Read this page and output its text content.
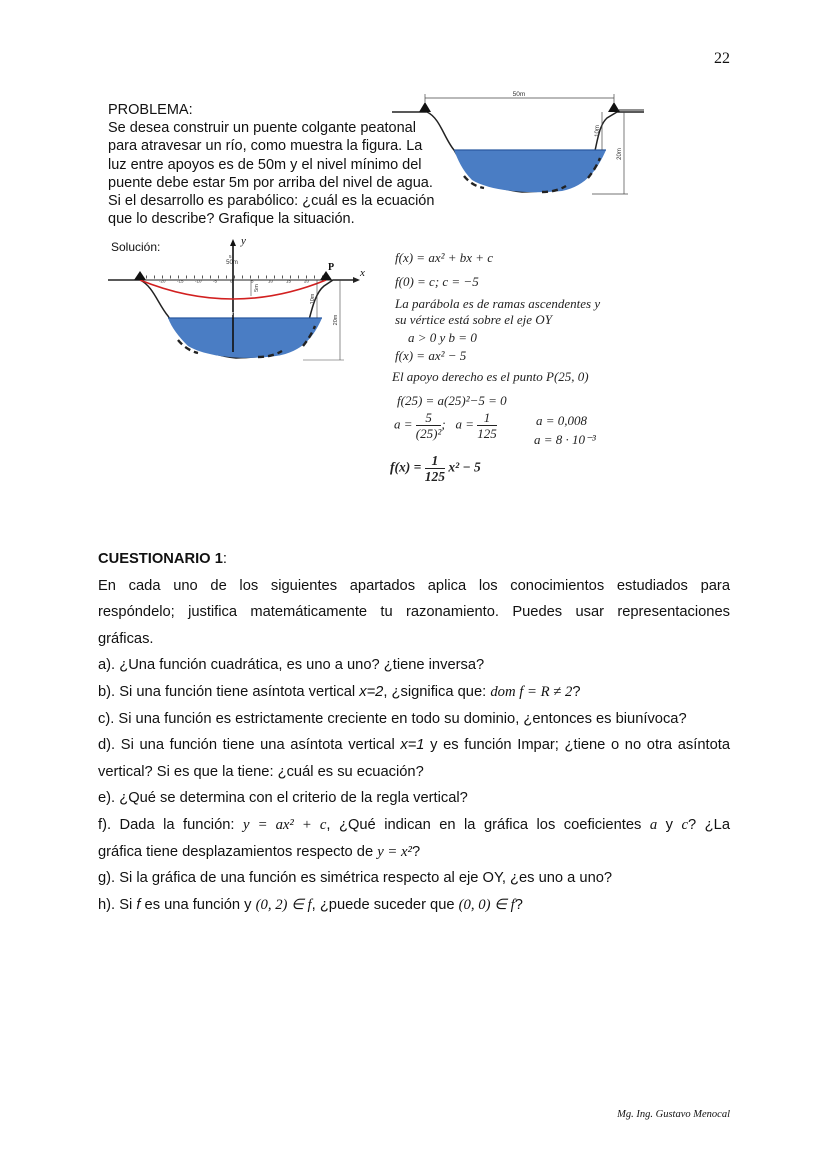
22
PROBLEMA:
Se desea construir un puente colgante peatonal
para atravesar un río, como muestra la figura. La
luz entre apoyos es de 50m y el nivel mínimo del
puente debe estar 5m por arriba del nivel de agua.
Si el desarrollo es parabólico: ¿cuál es la ecuación
que lo describe? Grafique la situación.
50m
Nivel de máxima crecida.
10m
20m
Solución:	y
x
P
5
50m
-20	-15	-10	-5	0	5	10	15	20
5m
Nivel de máxima crecida.
10m
20m
f(x) = ax² + bx + c
f(0) = c; c = −5
La parábola es de ramas ascendentes y
su vértice está sobre el eje OY
a > 0 y b = 0
f(x) = ax² − 5
El apoyo derecho es el punto P(25, 0)
f(25) = a(25)²−5 = 0
$a = \frac{5}{\text{(25)²}}$ ; $a = \frac{1}{125}$	a = 0,008
a = 8 · 10⁻³
$f(x) = \frac{1}{125} x^2 - 5$
CUESTIONARIO 1:
En cada uno de los siguientes apartados aplica los conocimientos estudiados para
respóndelo; justifica matemáticamente tu razonamiento. Puedes usar representaciones
gráficas.
a). ¿Una función cuadrática, es uno a uno? ¿tiene inversa?
b). Si una función tiene asíntota vertical x=2, ¿significa que: dom f = R ≠ 2?
c). Si una función es estrictamente creciente en todo su dominio, ¿entonces es biunívoca?
d). Si una función tiene una asíntota vertical x=1 y es función Impar; ¿tiene o no otra asíntota
vertical? Si es que la tiene: ¿cuál es su ecuación?
e). ¿Qué se determina con el criterio de la regla vertical?
f). Dada la función: y = ax² + c, ¿Qué indican en la gráfica los coeficientes a y c? ¿La
gráfica tiene desplazamientos respecto de y = x²?
g). Si la gráfica de una función es simétrica respecto al eje OY, ¿es uno a uno?
h). Si f es una función y (0, 2) ∈ f, ¿puede suceder que (0, 0) ∈ f?
Mg. Ing. Gustavo Menocal
